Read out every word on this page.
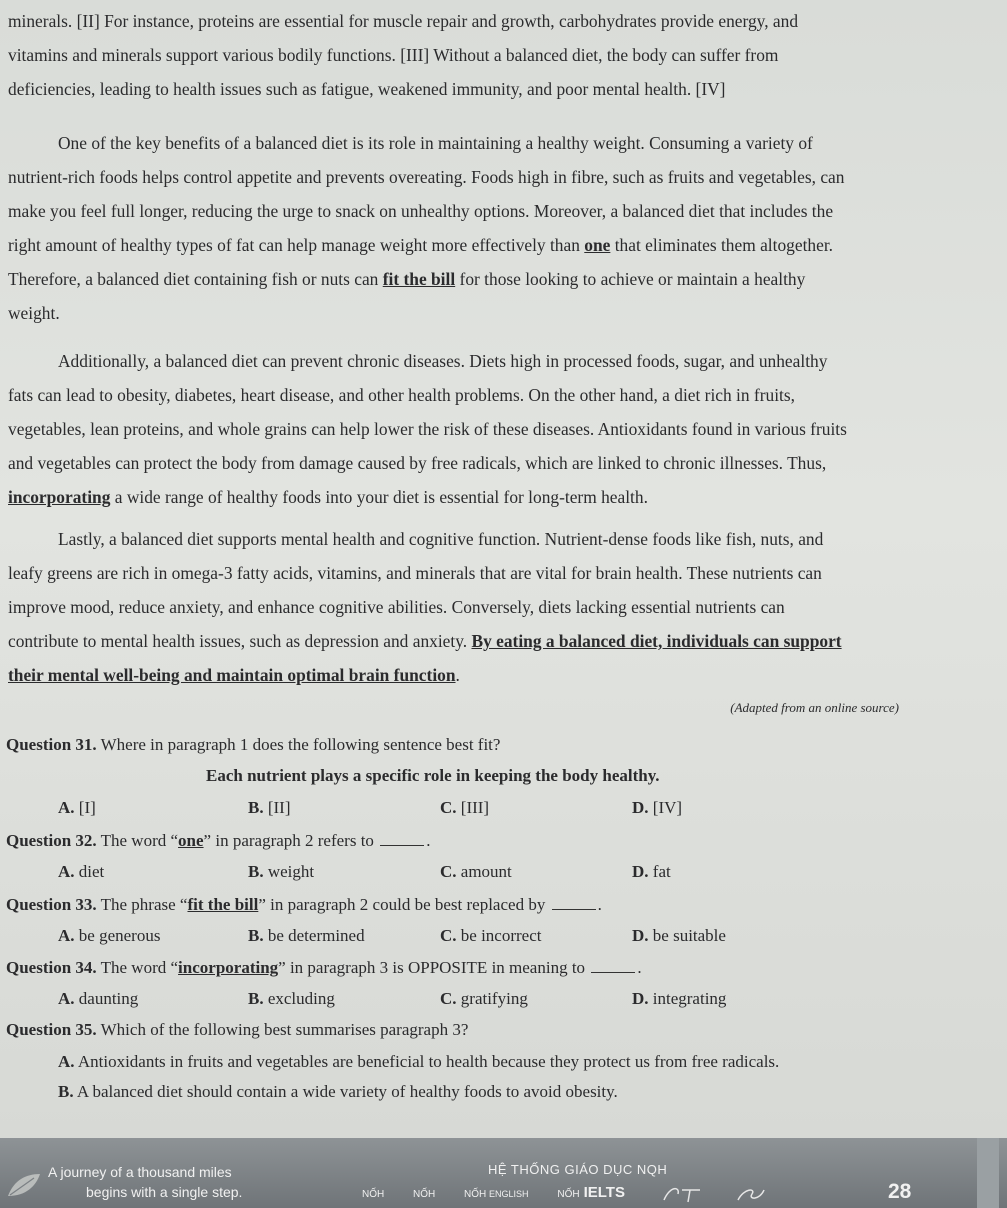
minerals. [II] For instance, proteins are essential for muscle repair and growth, carbohydrates provide energy, and
vitamins and minerals support various bodily functions. [III] Without a balanced diet, the body can suffer from
deficiencies, leading to health issues such as fatigue, weakened immunity, and poor mental health. [IV]

One of the key benefits of a balanced diet is its role in maintaining a healthy weight. Consuming a variety of
nutrient-rich foods helps control appetite and prevents overeating. Foods high in fibre, such as fruits and vegetables, can
make you feel full longer, reducing the urge to snack on unhealthy options. Moreover, a balanced diet that includes the
right amount of healthy types of fat can help manage weight more effectively than one that eliminates them altogether.
Therefore, a balanced diet containing fish or nuts can fit the bill for those looking to achieve or maintain a healthy
weight.

Additionally, a balanced diet can prevent chronic diseases. Diets high in processed foods, sugar, and unhealthy
fats can lead to obesity, diabetes, heart disease, and other health problems. On the other hand, a diet rich in fruits,
vegetables, lean proteins, and whole grains can help lower the risk of these diseases. Antioxidants found in various fruits
and vegetables can protect the body from damage caused by free radicals, which are linked to chronic illnesses. Thus,
incorporating a wide range of healthy foods into your diet is essential for long-term health.

Lastly, a balanced diet supports mental health and cognitive function. Nutrient-dense foods like fish, nuts, and
leafy greens are rich in omega-3 fatty acids, vitamins, and minerals that are vital for brain health. These nutrients can
improve mood, reduce anxiety, and enhance cognitive abilities. Conversely, diets lacking essential nutrients can
contribute to mental health issues, such as depression and anxiety. By eating a balanced diet, individuals can support
their mental well-being and maintain optimal brain function.

(Adapted from an online source)
Question 31. Where in paragraph 1 does the following sentence best fit?
Each nutrient plays a specific role in keeping the body healthy.
A. [I]	B. [II]	C. [III]	D. [IV]
Question 32. The word “one” in paragraph 2 refers to	.
A. diet	B. weight	C. amount	D. fat
Question 33. The phrase “fit the bill” in paragraph 2 could be best replaced by	.
A. be generous	B. be determined	C. be incorrect	D. be suitable
Question 34. The word “incorporating” in paragraph 3 is OPPOSITE in meaning to	.
A. daunting	B. excluding	C. gratifying	D. integrating
Question 35. Which of the following best summarises paragraph 3?
A. Antioxidants in fruits and vegetables are beneficial to health because they protect us from free radicals.
B. A balanced diet should contain a wide variety of healthy foods to avoid obesity.
A journey of a thousand miles
begins with a single step.
HỆ THỐNG GIÁO DỤC NQH
NỐH	NỐH	NỐH ENGLISH	NỐH IELTS	28
